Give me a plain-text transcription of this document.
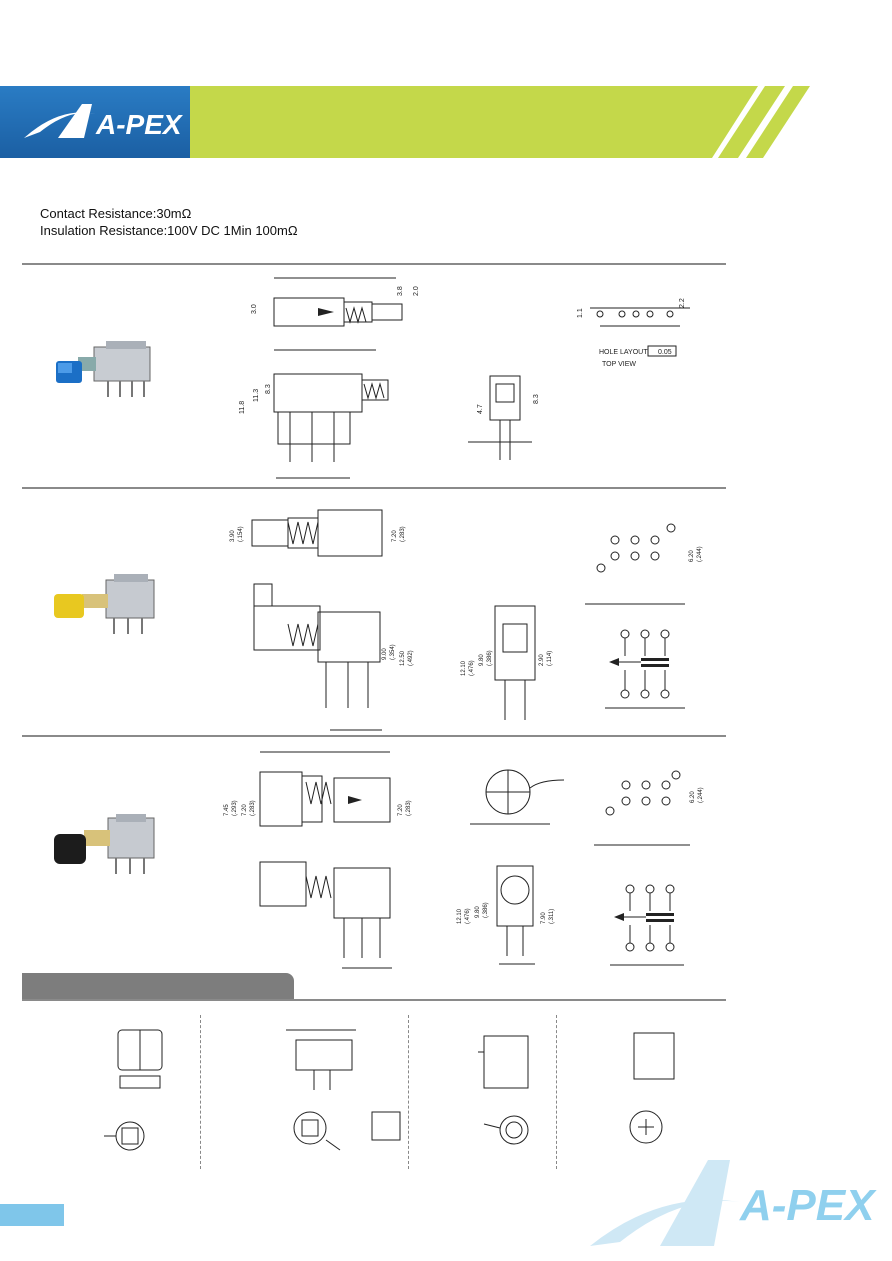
A-PEX
Contact Resistance:30mΩ
Insulation Resistance:100V DC 1Min 100mΩ
3.0
3.8 2.0
11.8
11.3 8.3
4.7
8.3
HOLE LAYOUT 0.05
TOP VIEW
1.1
2.2
3.90 (.154)	7.20 (.283)
9.00 (.354) 12.50 (.492)
12.10 (.476)
9.80 (.386)	2.90 (.114)
6.20 (.244)
7.45 (.293) 7.20 (.283)	7.20 (.283)
12.10 (.476) 9.80 (.386)
7.90 (.311)
6.20 (.244)
A-PEX
